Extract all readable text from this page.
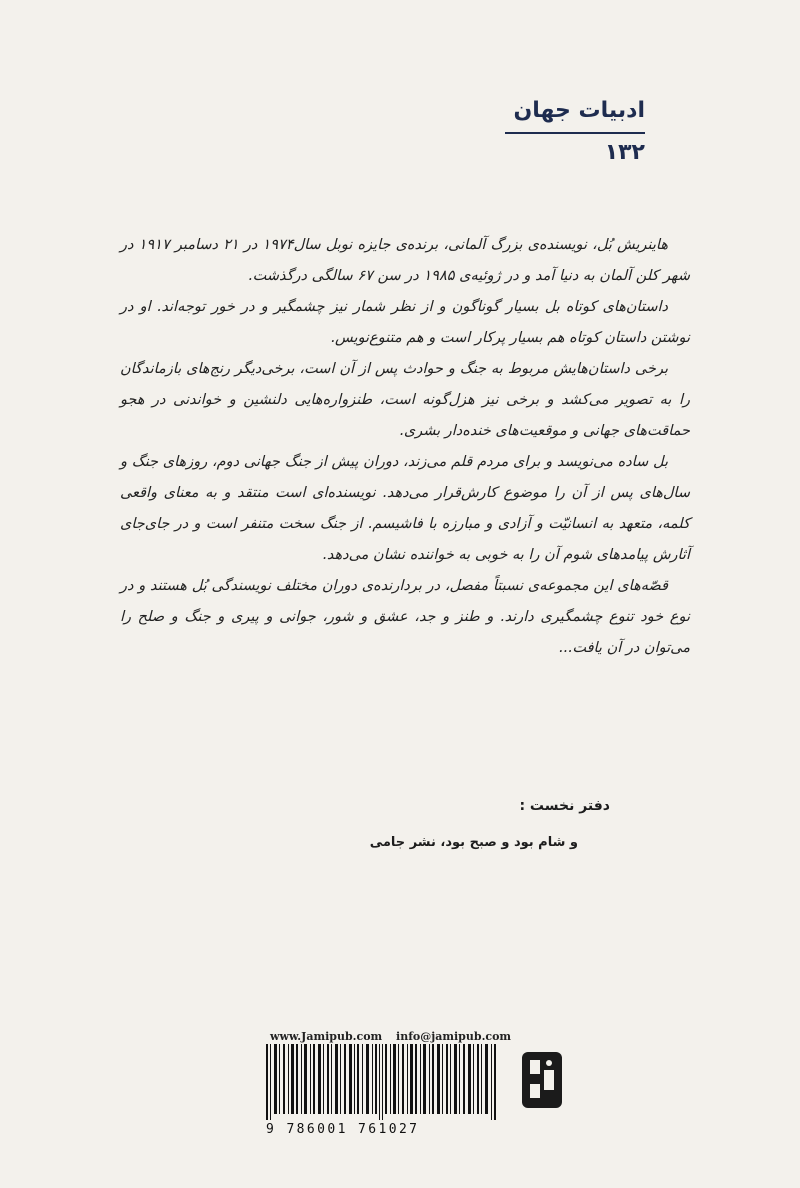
ادبیات جهان
۱۳۲

هاینریش بُل، نویسنده‌ی بزرگ آلمانی، برنده‌ی جایزه نوبل سال۱۹۷۴ در ۲۱ دسامبر ۱۹۱۷ در شهر کلن آلمان به دنیا آمد و در ژوئیه‌ی ۱۹۸۵ در سن ۶۷ سالگی درگذشت.

داستان‌های کوتاه بل بسیار گوناگون و از نظر شمار نیز چشمگیر و در خور توجه‌اند. او در نوشتن داستان کوتاه هم بسیار پرکار است و هم متنوع‌نویس.

برخی داستان‌هایش مربوط به جنگ و حوادث پس از آن است، برخی‌دیگر رنج‌های بازماندگان را به تصویر می‌کشد و برخی نیز هزل‌گونه است، طنزواره‌هایی دلنشین و خواندنی در هجو حماقت‌های جهانی و موقعیت‌های خنده‌دار بشری.

بل ساده می‌نویسد و برای مردم قلم می‌زند، دوران پیش از جنگ جهانی دوم، روزهای جنگ و سال‌های پس از آن را موضوع کارش‌قرار می‌دهد. نویسنده‌ای است منتقد و به معنای واقعی کلمه، متعهد به انسانیّت و آزادی و مبارزه با فاشیسم. از جنگ سخت متنفر است و در جای‌جای آثارش پیامدهای شوم آن را به خوبی به خواننده نشان می‌دهد.

قصّه‌های این مجموعه‌ی نسبتاً مفصل، در بردارنده‌ی دوران مختلف نویسندگی بُل هستند و در نوع خود تنوع چشمگیری دارند. و طنز و جد، عشق و شور، جوانی و پیری و جنگ و صلح را می‌توان در آن یافت...

دفتر نخست :
و شام بود و صبح بود، نشر جامی
www.Jamipub.com info@jamipub.com
9 786001 761027
